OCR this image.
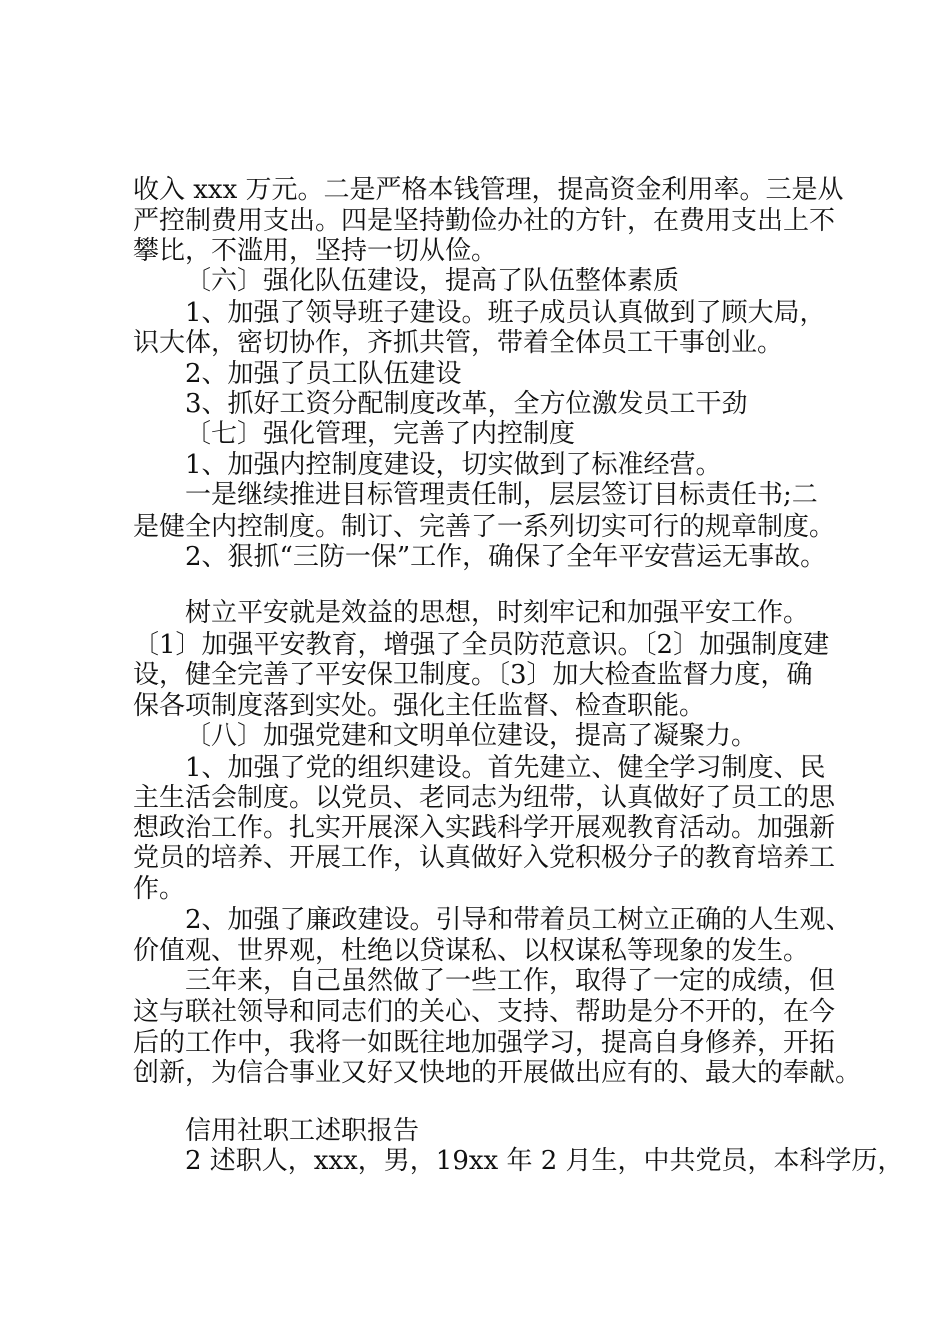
收入 xxx 万元。二是严格本钱管理，提高资金利用率。三是从
严控制费用支出。四是坚持勤俭办社的方针，在费用支出上不
攀比，不滥用，坚持一切从俭。
〔六〕强化队伍建设，提高了队伍整体素质
1、加强了领导班子建设。班子成员认真做到了顾大局，
识大体，密切协作，齐抓共管，带着全体员工干事创业。
2、加强了员工队伍建设
3、抓好工资分配制度改革，全方位激发员工干劲
〔七〕强化管理，完善了内控制度
1、加强内控制度建设，切实做到了标准经营。
一是继续推进目标管理责任制，层层签订目标责任书;二
是健全内控制度。制订、完善了一系列切实可行的规章制度。
2、狠抓“三防一保”工作，确保了全年平安营运无事故。
树立平安就是效益的思想，时刻牢记和加强平安工作。
〔1〕加强平安教育，增强了全员防范意识。〔2〕加强制度建
设，健全完善了平安保卫制度。〔3〕加大检查监督力度，确
保各项制度落到实处。强化主任监督、检查职能。
〔八〕加强党建和文明单位建设，提高了凝聚力。
1、加强了党的组织建设。首先建立、健全学习制度、民
主生活会制度。以党员、老同志为纽带，认真做好了员工的思
想政治工作。扎实开展深入实践科学开展观教育活动。加强新
党员的培养、开展工作，认真做好入党积极分子的教育培养工
作。
2、加强了廉政建设。引导和带着员工树立正确的人生观、
价值观、世界观，杜绝以贷谋私、以权谋私等现象的发生。
三年来，自己虽然做了一些工作，取得了一定的成绩，但
这与联社领导和同志们的关心、支持、帮助是分不开的，在今
后的工作中，我将一如既往地加强学习，提高自身修养，开拓
创新，为信合事业又好又快地的开展做出应有的、最大的奉献。
信用社职工述职报告
2 述职人，xxx，男，19xx 年 2 月生，中共党员，本科学历，
